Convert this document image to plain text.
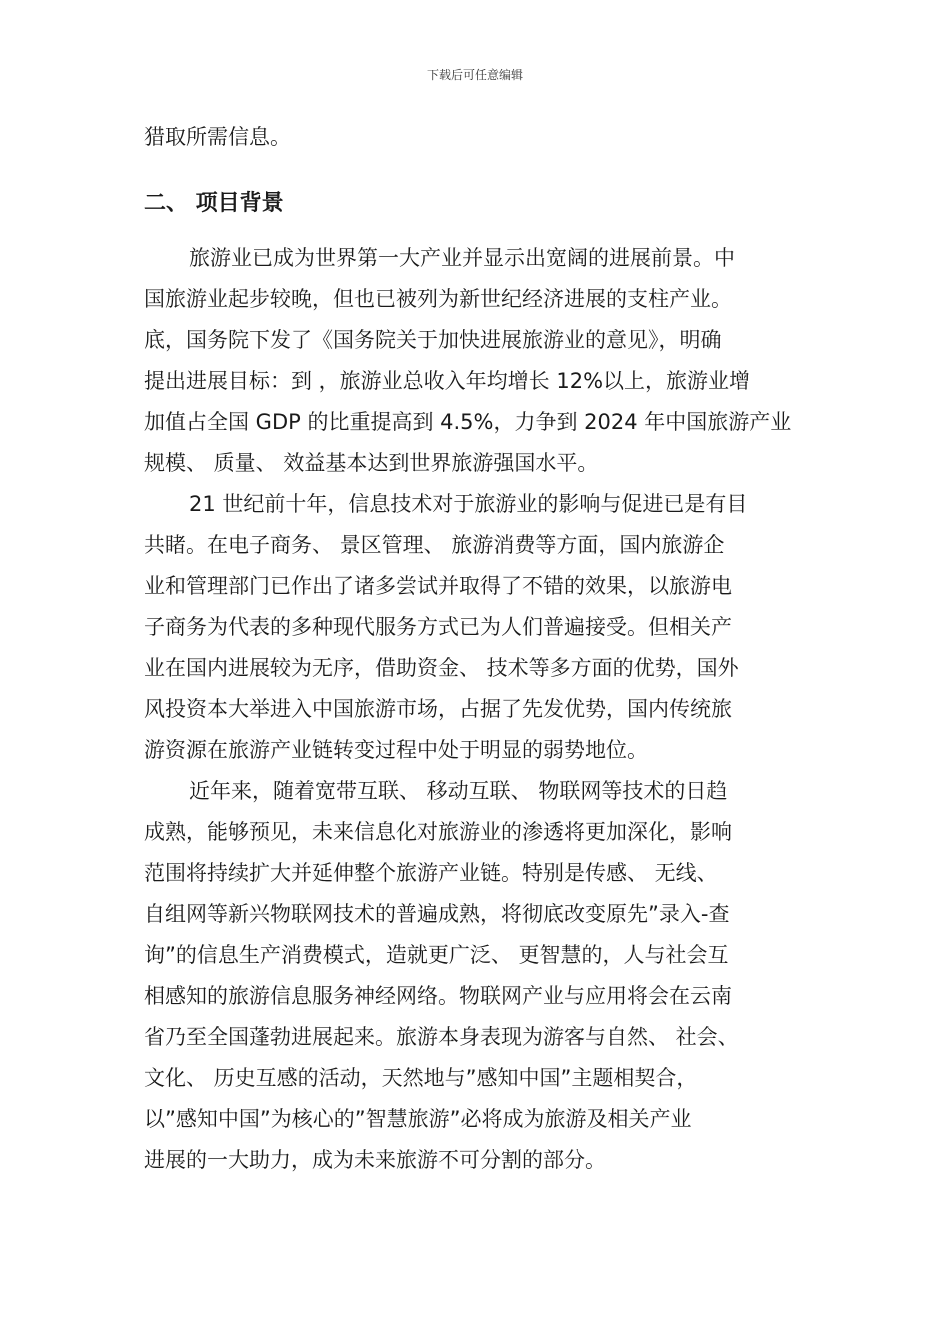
下载后可任意编辑
猎取所需信息。
二、 项目背景
旅游业已成为世界第一大产业并显示出宽阔的进展前景。中
国旅游业起步较晚，但也已被列为新世纪经济进展的支柱产业。
底，国务院下发了《国务院关于加快进展旅游业的意见》，明确
提出进展目标：到 ，旅游业总收入年均增长 12%以上，旅游业增
加值占全国 GDP 的比重提高到 4.5%，力争到 2024 年中国旅游产业
规模、 质量、 效益基本达到世界旅游强国水平。
21 世纪前十年，信息技术对于旅游业的影响与促进已是有目
共睹。在电子商务、 景区管理、 旅游消费等方面，国内旅游企
业和管理部门已作出了诸多尝试并取得了不错的效果，以旅游电
子商务为代表的多种现代服务方式已为人们普遍接受。但相关产
业在国内进展较为无序，借助资金、 技术等多方面的优势，国外
风投资本大举进入中国旅游市场，占据了先发优势，国内传统旅
游资源在旅游产业链转变过程中处于明显的弱势地位。
近年来，随着宽带互联、 移动互联、 物联网等技术的日趋
成熟，能够预见，未来信息化对旅游业的渗透将更加深化，影响
范围将持续扩大并延伸整个旅游产业链。特别是传感、 无线、
自组网等新兴物联网技术的普遍成熟，将彻底改变原先”录入-查
询”的信息生产消费模式，造就更广泛、 更智慧的，人与社会互
相感知的旅游信息服务神经网络。物联网产业与应用将会在云南
省乃至全国蓬勃进展起来。旅游本身表现为游客与自然、 社会、
文化、 历史互感的活动，天然地与”感知中国”主题相契合，
以”感知中国”为核心的”智慧旅游”必将成为旅游及相关产业
进展的一大助力，成为未来旅游不可分割的部分。
